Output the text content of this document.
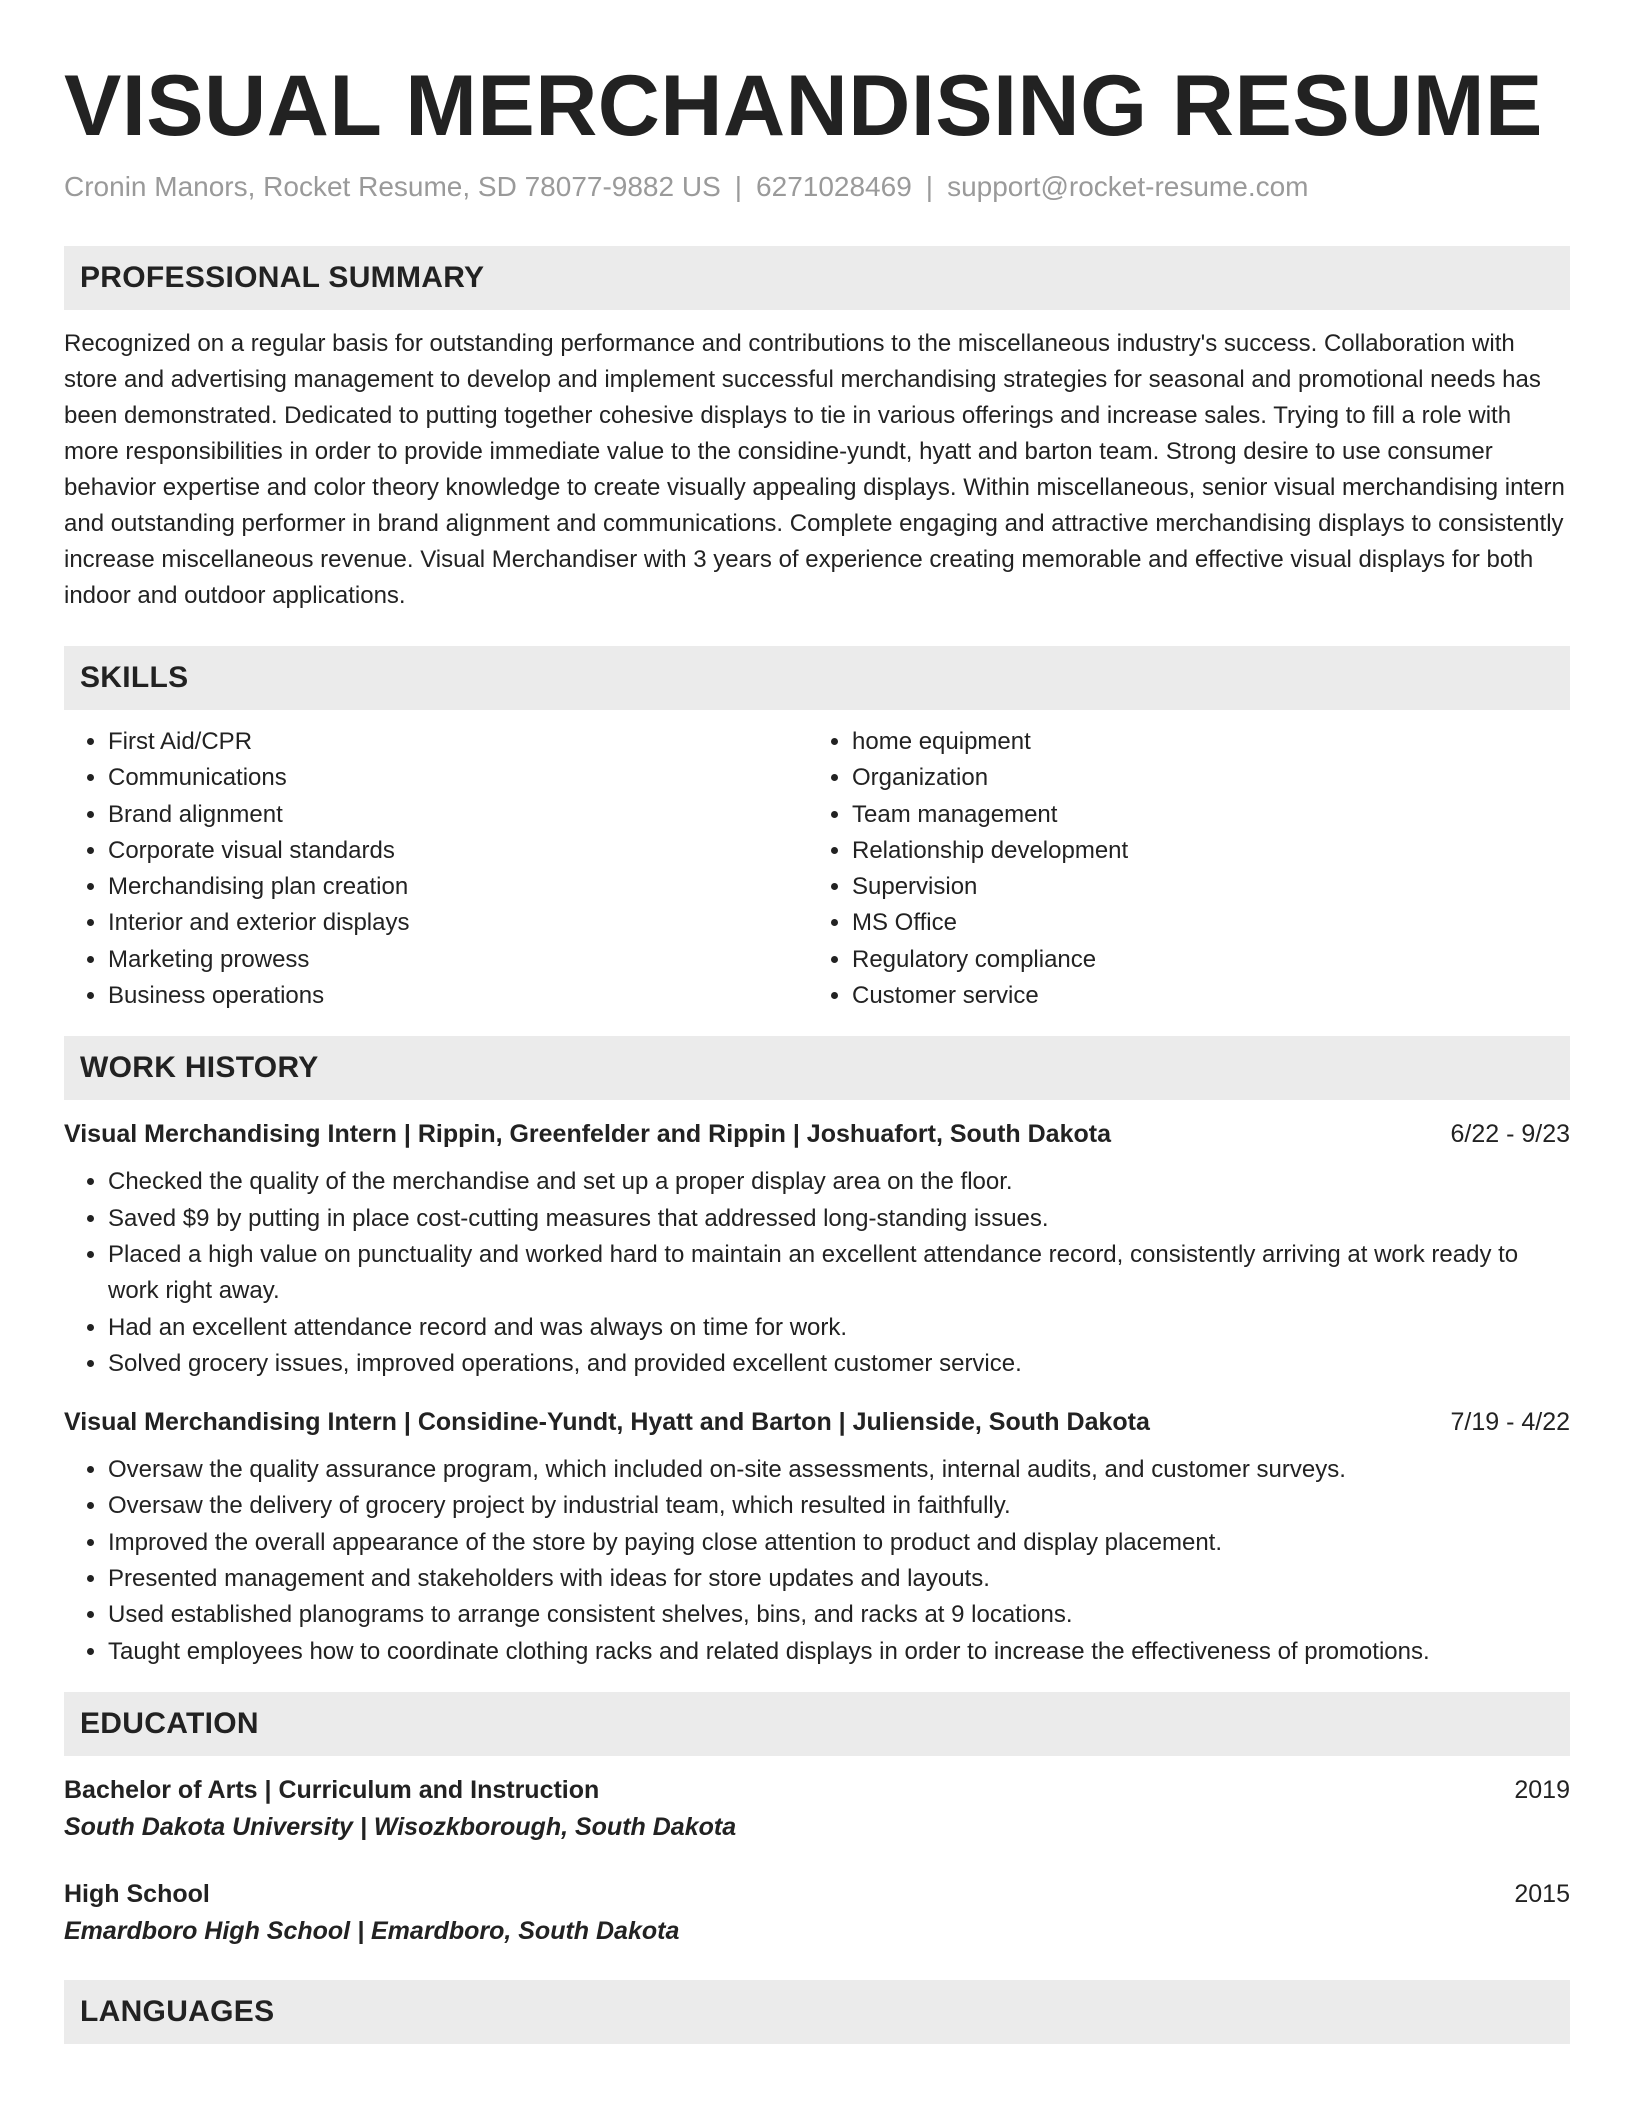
VISUAL MERCHANDISING RESUME
Cronin Manors, Rocket Resume, SD 78077-9882 US | 6271028469 | support@rocket-resume.com
PROFESSIONAL SUMMARY

Recognized on a regular basis for outstanding performance and contributions to the miscellaneous industry's success. Collaboration with store and advertising management to develop and implement successful merchandising strategies for seasonal and promotional needs has been demonstrated. Dedicated to putting together cohesive displays to tie in various offerings and increase sales. Trying to fill a role with more responsibilities in order to provide immediate value to the considine-yundt, hyatt and barton team. Strong desire to use consumer behavior expertise and color theory knowledge to create visually appealing displays. Within miscellaneous, senior visual merchandising intern and outstanding performer in brand alignment and communications. Complete engaging and attractive merchandising displays to consistently increase miscellaneous revenue. Visual Merchandiser with 3 years of experience creating memorable and effective visual displays for both indoor and outdoor applications.

SKILLS
• First Aid/CPR
• Communications
• Brand alignment
• Corporate visual standards
• Merchandising plan creation
• Interior and exterior displays
• Marketing prowess
• Business operations
• home equipment
• Organization
• Team management
• Relationship development
• Supervision
• MS Office
• Regulatory compliance
• Customer service
WORK HISTORY
Visual Merchandising Intern | Rippin, Greenfelder and Rippin | Joshuafort, South Dakota	6/22 - 9/23
• Checked the quality of the merchandise and set up a proper display area on the floor.
• Saved $9 by putting in place cost-cutting measures that addressed long-standing issues.
• Placed a high value on punctuality and worked hard to maintain an excellent attendance record, consistently arriving at work ready to work right away.
• Had an excellent attendance record and was always on time for work.
• Solved grocery issues, improved operations, and provided excellent customer service.
Visual Merchandising Intern | Considine-Yundt, Hyatt and Barton | Julienside, South Dakota	7/19 - 4/22
• Oversaw the quality assurance program, which included on-site assessments, internal audits, and customer surveys.
• Oversaw the delivery of grocery project by industrial team, which resulted in faithfully.
• Improved the overall appearance of the store by paying close attention to product and display placement.
• Presented management and stakeholders with ideas for store updates and layouts.
• Used established planograms to arrange consistent shelves, bins, and racks at 9 locations.
• Taught employees how to coordinate clothing racks and related displays in order to increase the effectiveness of promotions.
EDUCATION
Bachelor of Arts | Curriculum and Instruction	2019
South Dakota University | Wisozkborough, South Dakota
High School	2015
Emardboro High School | Emardboro, South Dakota
LANGUAGES
